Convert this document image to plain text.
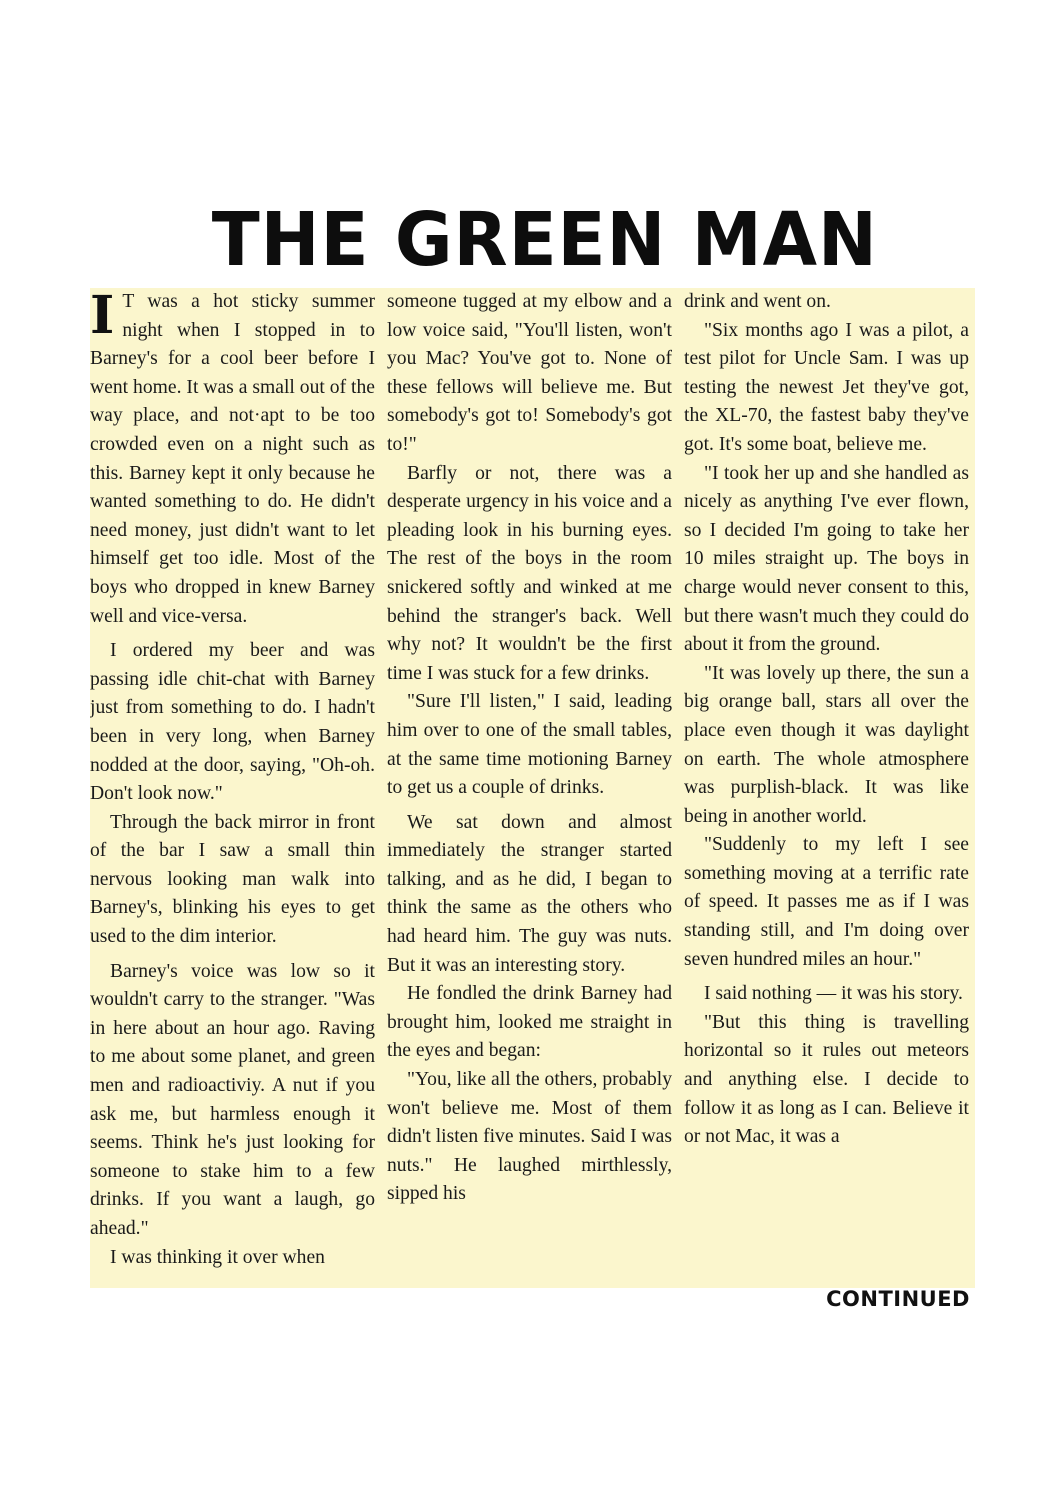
THE GREEN MAN

I T was a hot sticky summer night when I stopped in to Barney's for a cool beer before I went home. It was a small out of the way place, and not·apt to be too crowded even on a night such as this. Barney kept it only because he wanted something to do. He didn't need money, just didn't want to let himself get too idle. Most of the boys who dropped in knew Barney well and vice-versa.

I ordered my beer and was passing idle chit-chat with Barney just from something to do. I hadn't been in very long, when Barney nodded at the door, saying, "Oh-oh. Don't look now."

Through the back mirror in front of the bar I saw a small thin nervous looking man walk into Barney's, blinking his eyes to get used to the dim interior.

Barney's voice was low so it wouldn't carry to the stranger. "Was in here about an hour ago. Raving to me about some planet, and green men and radioactiviy. A nut if you ask me, but harmless enough it seems. Think he's just looking for someone to stake him to a few drinks. If you want a laugh, go ahead."

I was thinking it over when

someone tugged at my elbow and a low voice said, "You'll listen, won't you Mac? You've got to. None of these fellows will believe me. But somebody's got to! Somebody's got to!"

Barfly or not, there was a desperate urgency in his voice and a pleading look in his burning eyes. The rest of the boys in the room snickered softly and winked at me behind the stranger's back. Well why not? It wouldn't be the first time I was stuck for a few drinks.

"Sure I'll listen," I said, leading him over to one of the small tables, at the same time motioning Barney to get us a couple of drinks.

We sat down and almost immediately the stranger started talking, and as he did, I began to think the same as the others who had heard him. The guy was nuts. But it was an interesting story.

He fondled the drink Barney had brought him, looked me straight in the eyes and began:

"You, like all the others, probably won't believe me. Most of them didn't listen five minutes. Said I was nuts." He laughed mirthlessly, sipped his

drink and went on.

"Six months ago I was a pilot, a test pilot for Uncle Sam. I was up testing the newest Jet they've got, the XL-70, the fastest baby they've got. It's some boat, believe me.

"I took her up and she handled as nicely as anything I've ever flown, so I decided I'm going to take her 10 miles straight up. The boys in charge would never consent to this, but there wasn't much they could do about it from the ground.

"It was lovely up there, the sun a big orange ball, stars all over the place even though it was daylight on earth. The whole atmosphere was purplish-black. It was like being in another world.

"Suddenly to my left I see something moving at a terrific rate of speed. It passes me as if I was standing still, and I'm doing over seven hundred miles an hour."

I said nothing — it was his story.

"But this thing is travelling horizontal so it rules out meteors and anything else. I decide to follow it as long as I can. Believe it or not Mac, it was a

CONTINUED
